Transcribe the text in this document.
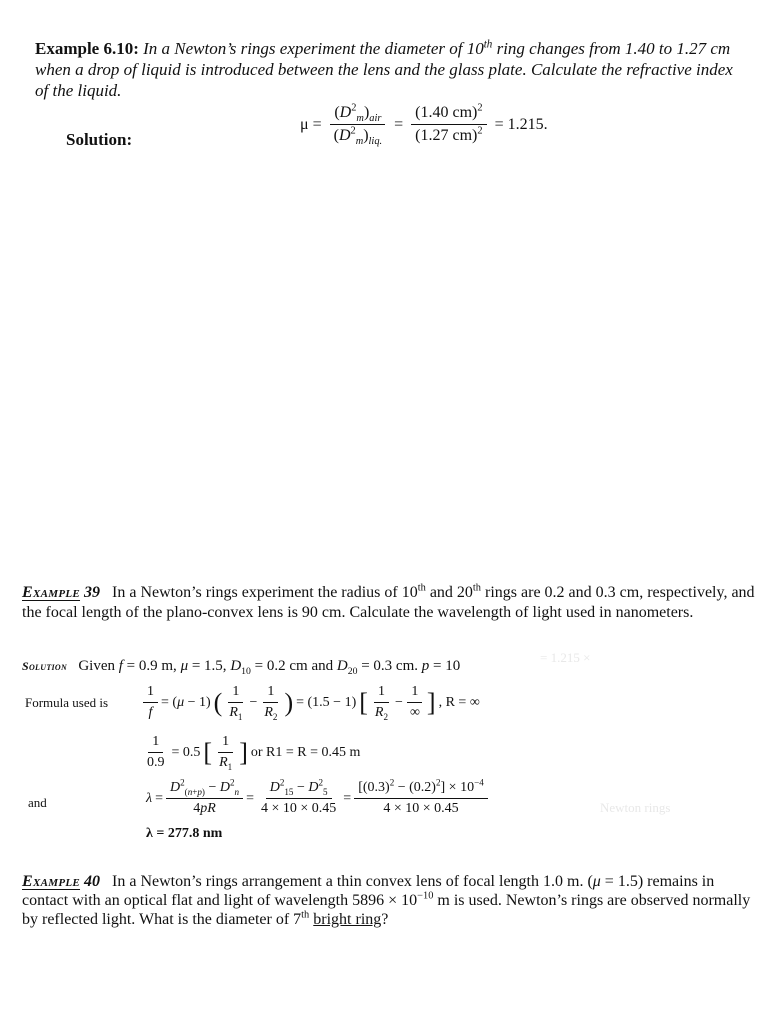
Example 6.10: In a Newton’s rings experiment the diameter of 10th ring changes from 1.40 to 1.27 cm when a drop of liquid is introduced between the lens and the glass plate. Calculate the refractive index of the liquid.
Solution:
$\mu = \frac{(D^2_m)_{air}}{(D^2_m)_{liq.}} = \frac{(1.40 cm)^2}{(1.27 cm)^2} = 1.215$.
= 1.215 ×
Newton rings
Example 39 In a Newton’s rings experiment the radius of 10th and 20th rings are 0.2 and 0.3 cm, respectively, and the focal length of the plano-convex lens is 90 cm. Calculate the wavelength of light used in nanometers.
Solution Given f = 0.9 m, μ = 1.5, $D_{10} = 0.2$ cm and $D_{20} = 0.3$ cm. p = 10
Formula used is $\frac{1}{f} = (\mu - 1)$ ( $\frac{1}{R_1} - \frac{1}{R_2}$ ) = (1.5 − 1) [ $\frac{1}{R_2} - \frac{1}{\infty}$ ] , R = ∞
$\frac{1}{0.9} = 0.5$ [ $\frac{1}{R_1}$ ] or R1 = R = 0.45 m
and	$\lambda = \frac{D^2_{(n+p)} - D^2_n}{4pR} = \frac{D^2_{15} - D^2_5}{4 \times 10 \times 0.45} = \frac{[(0.3)^2 - (0.2)^2] \times 10^{-4}}{4 \times 10 \times 0.45}$
λ = 277.8 nm
Example 40 In a Newton’s rings arrangement a thin convex lens of focal length 1.0 m. (μ = 1.5) remains in contact with an optical flat and light of wavelength $5896 \times 10^{-10}$ m is used. Newton’s rings are observed normally by reflected light. What is the diameter of 7th bright ring?
